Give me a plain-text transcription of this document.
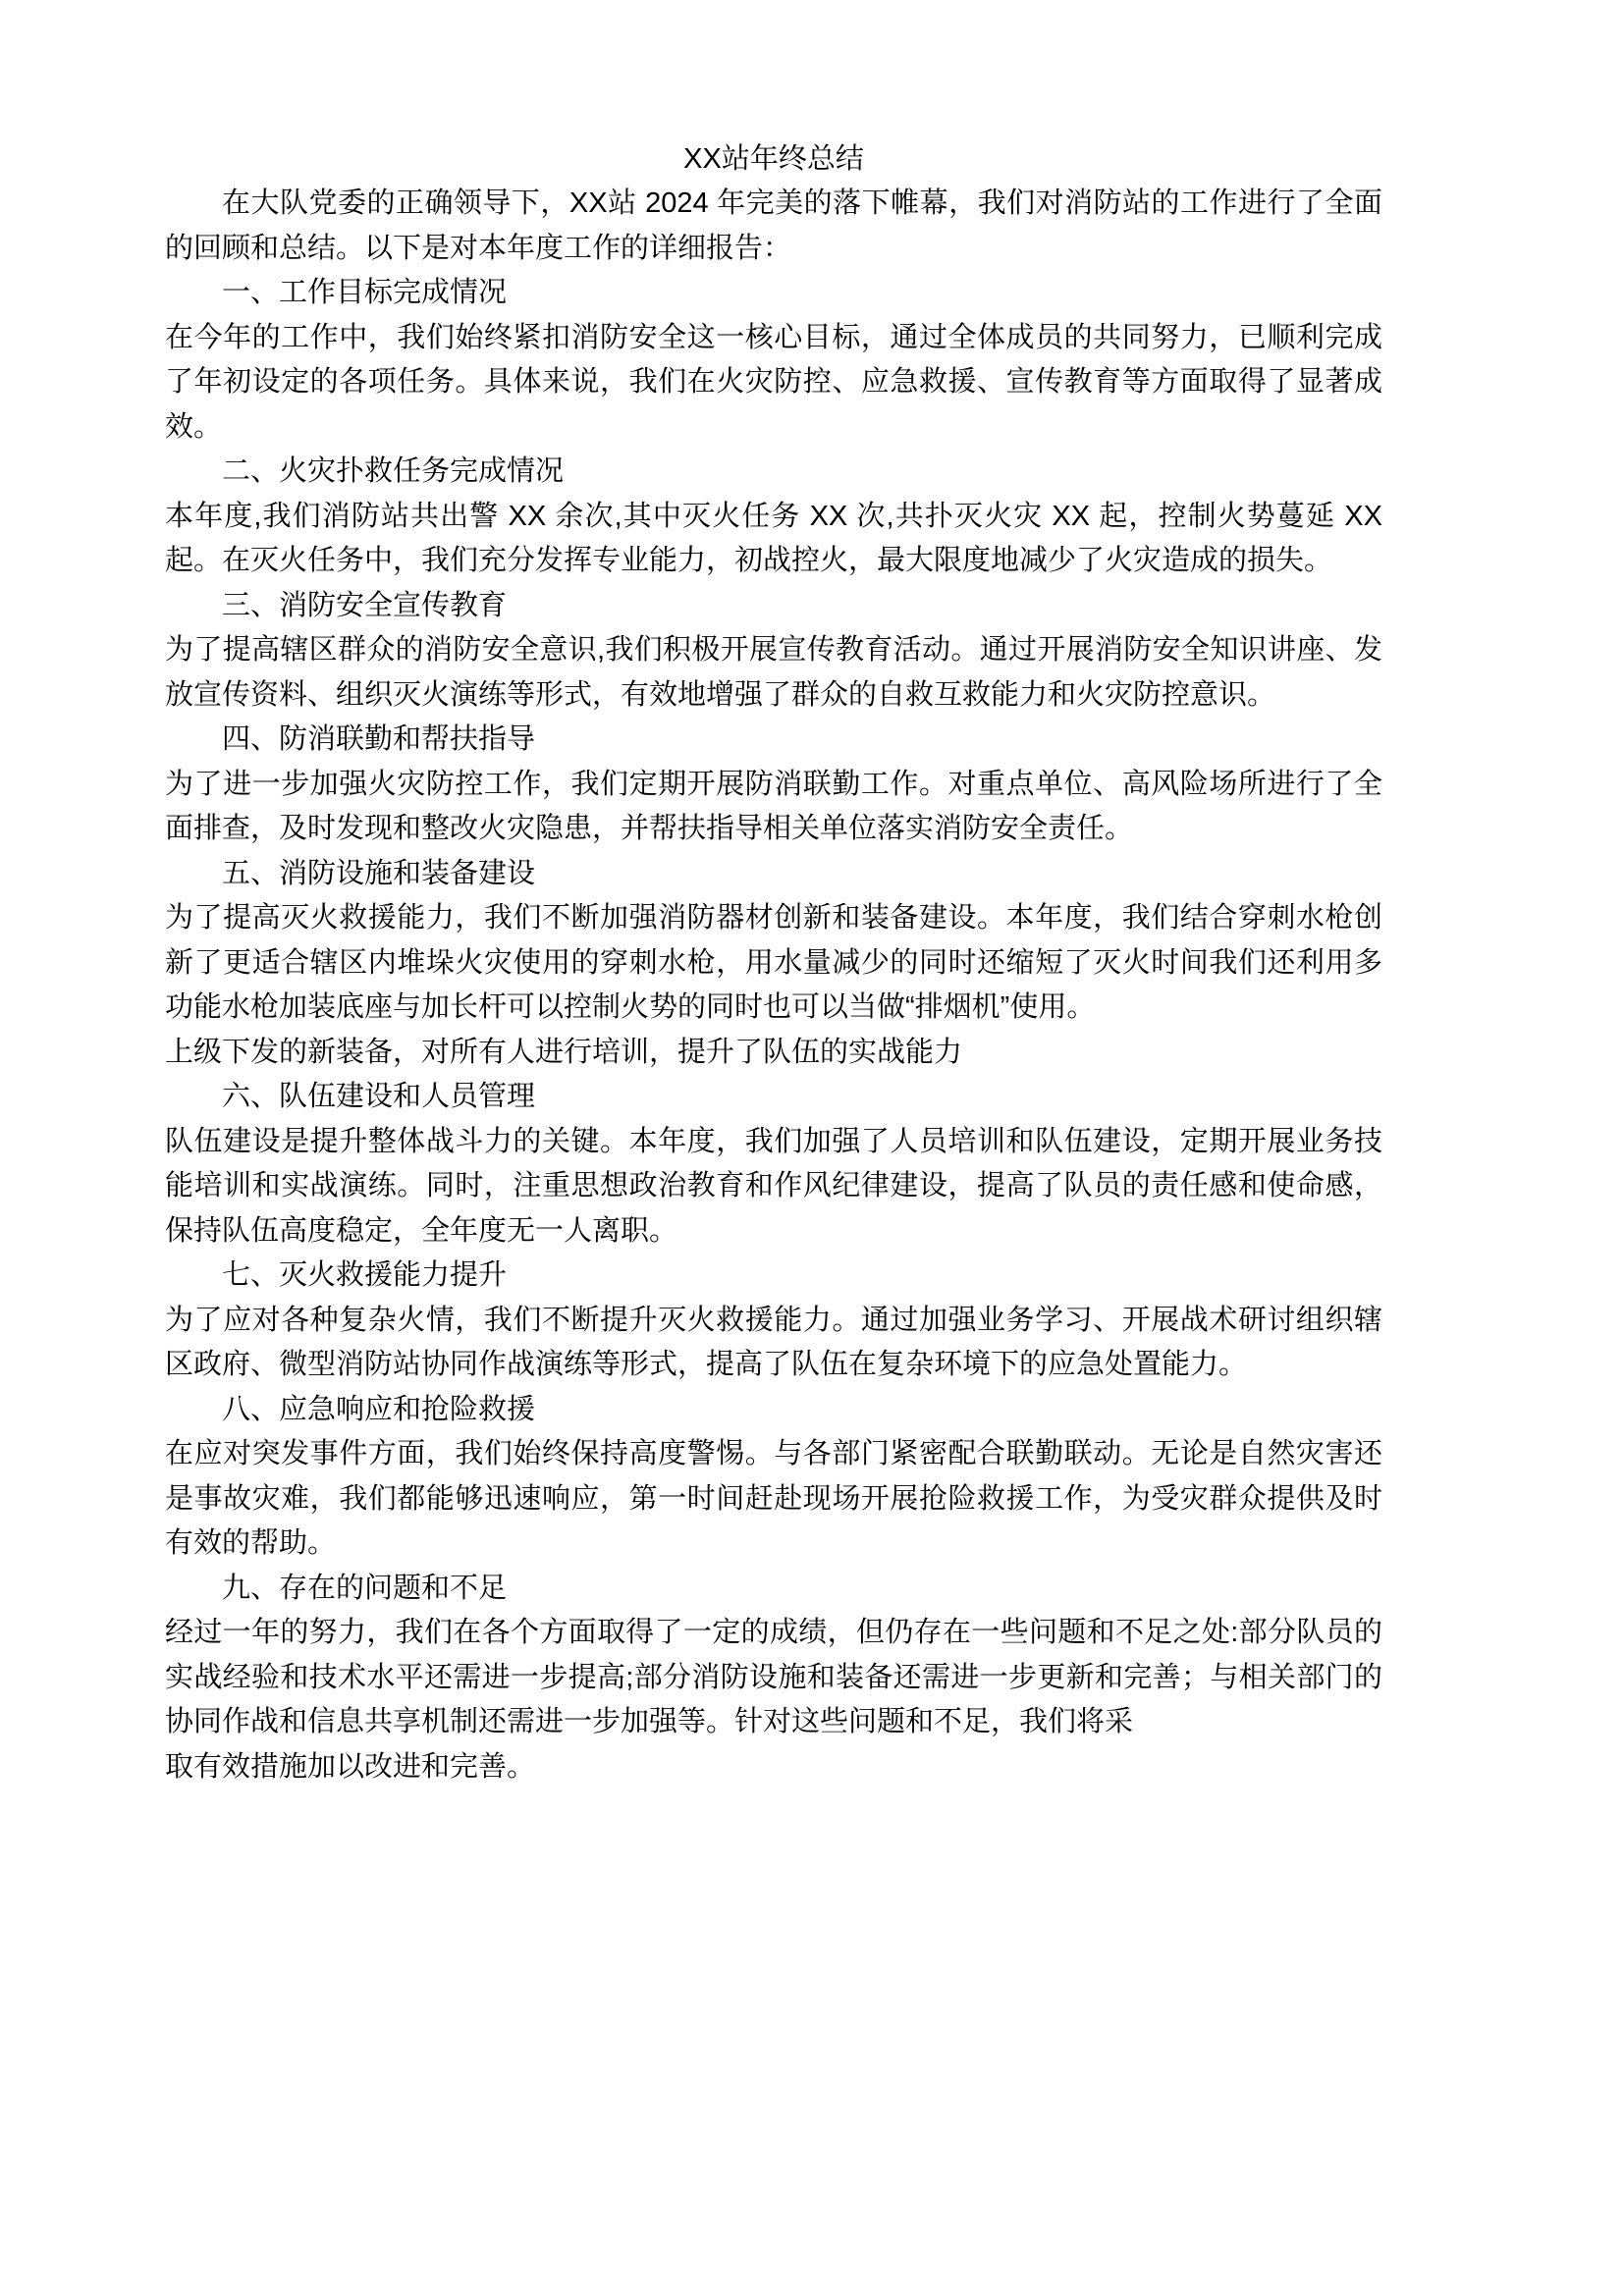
XX站年终总结

在大队党委的正确领导下，XX站 2024 年完美的落下帷幕，我们对消防站的工作进行了全面的回顾和总结。以下是对本年度工作的详细报告：

一、工作目标完成情况

在今年的工作中，我们始终紧扣消防安全这一核心目标，通过全体成员的共同努力，已顺利完成了年初设定的各项任务。具体来说，我们在火灾防控、应急救援、宣传教育等方面取得了显著成效。

二、火灾扑救任务完成情况

本年度,我们消防站共出警 XX 余次,其中灭火任务 XX 次,共扑灭火灾 XX 起，控制火势蔓延 XX 起。在灭火任务中，我们充分发挥专业能力，初战控火，最大限度地减少了火灾造成的损失。

三、消防安全宣传教育

为了提高辖区群众的消防安全意识,我们积极开展宣传教育活动。通过开展消防安全知识讲座、发放宣传资料、组织灭火演练等形式，有效地增强了群众的自救互救能力和火灾防控意识。

四、防消联勤和帮扶指导

为了进一步加强火灾防控工作，我们定期开展防消联勤工作。对重点单位、高风险场所进行了全面排查，及时发现和整改火灾隐患，并帮扶指导相关单位落实消防安全责任。

五、消防设施和装备建设

为了提高灭火救援能力，我们不断加强消防器材创新和装备建设。本年度，我们结合穿刺水枪创新了更适合辖区内堆垛火灾使用的穿刺水枪，用水量减少的同时还缩短了灭火时间我们还利用多功能水枪加装底座与加长杆可以控制火势的同时也可以当做“排烟机”使用。

上级下发的新装备，对所有人进行培训，提升了队伍的实战能力

六、队伍建设和人员管理

队伍建设是提升整体战斗力的关键。本年度，我们加强了人员培训和队伍建设，定期开展业务技能培训和实战演练。同时，注重思想政治教育和作风纪律建设，提高了队员的责任感和使命感，保持队伍高度稳定，全年度无一人离职。

七、灭火救援能力提升

为了应对各种复杂火情，我们不断提升灭火救援能力。通过加强业务学习、开展战术研讨组织辖区政府、微型消防站协同作战演练等形式，提高了队伍在复杂环境下的应急处置能力。

八、应急响应和抢险救援

在应对突发事件方面，我们始终保持高度警惕。与各部门紧密配合联勤联动。无论是自然灾害还是事故灾难，我们都能够迅速响应，第一时间赶赴现场开展抢险救援工作，为受灾群众提供及时有效的帮助。

九、存在的问题和不足

经过一年的努力，我们在各个方面取得了一定的成绩，但仍存在一些问题和不足之处:部分队员的实战经验和技术水平还需进一步提高;部分消防设施和装备还需进一步更新和完善；与相关部门的协同作战和信息共享机制还需进一步加强等。针对这些问题和不足，我们将采

取有效措施加以改进和完善。
